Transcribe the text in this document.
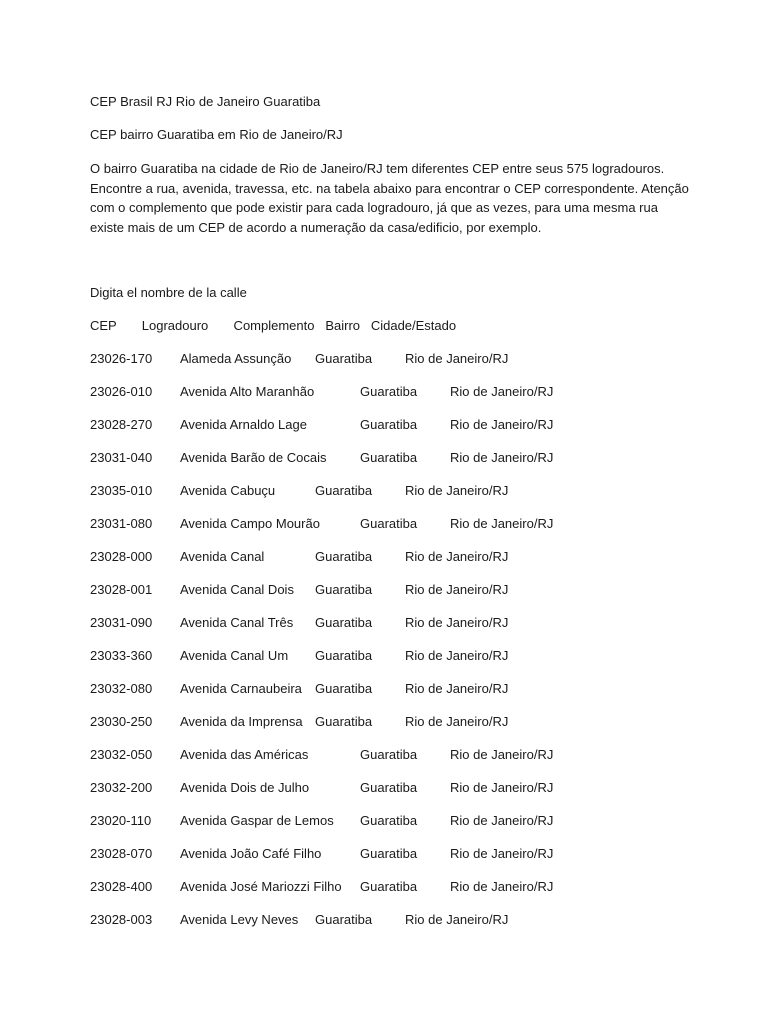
CEP Brasil RJ Rio de Janeiro Guaratiba
CEP bairro Guaratiba em Rio de Janeiro/RJ
O bairro Guaratiba na cidade de Rio de Janeiro/RJ tem diferentes CEP entre seus 575 logradouros. Encontre a rua, avenida, travessa, etc. na tabela abaixo para encontrar o CEP correspondente. Atenção com o complemento que pode existir para cada logradouro, já que as vezes, para uma mesma rua existe mais de um CEP de acordo a numeração da casa/edificio, por exemplo.
Digita el nombre de la calle
CEP       Logradouro       Complemento   Bairro   Cidade/Estado
23026-170 Alameda Assunção Guaratiba	Rio de Janeiro/RJ
23026-010 Avenida Alto Maranhão	Guaratiba	Rio de Janeiro/RJ
23028-270 Avenida Arnaldo Lage	Guaratiba	Rio de Janeiro/RJ
23031-040 Avenida Barão de Cocais	Guaratiba	Rio de Janeiro/RJ
23035-010 Avenida Cabuçu	Guaratiba	Rio de Janeiro/RJ
23031-080 Avenida Campo Mourão	Guaratiba	Rio de Janeiro/RJ
23028-000 Avenida Canal	Guaratiba	Rio de Janeiro/RJ
23028-001 Avenida Canal Dois Guaratiba	Rio de Janeiro/RJ
23031-090 Avenida Canal Três Guaratiba	Rio de Janeiro/RJ
23033-360 Avenida Canal Um Guaratiba	Rio de Janeiro/RJ
23032-080 Avenida Carnaubeira Guaratiba	Rio de Janeiro/RJ
23030-250 Avenida da Imprensa Guaratiba	Rio de Janeiro/RJ
23032-050 Avenida das Américas	Guaratiba	Rio de Janeiro/RJ
23032-200 Avenida Dois de Julho	Guaratiba	Rio de Janeiro/RJ
23020-110 Avenida Gaspar de Lemos Guaratiba	Rio de Janeiro/RJ
23028-070 Avenida João Café Filho	Guaratiba	Rio de Janeiro/RJ
23028-400 Avenida José Mariozzi Filho Guaratiba	Rio de Janeiro/RJ
23028-003 Avenida Levy Neves Guaratiba	Rio de Janeiro/RJ
